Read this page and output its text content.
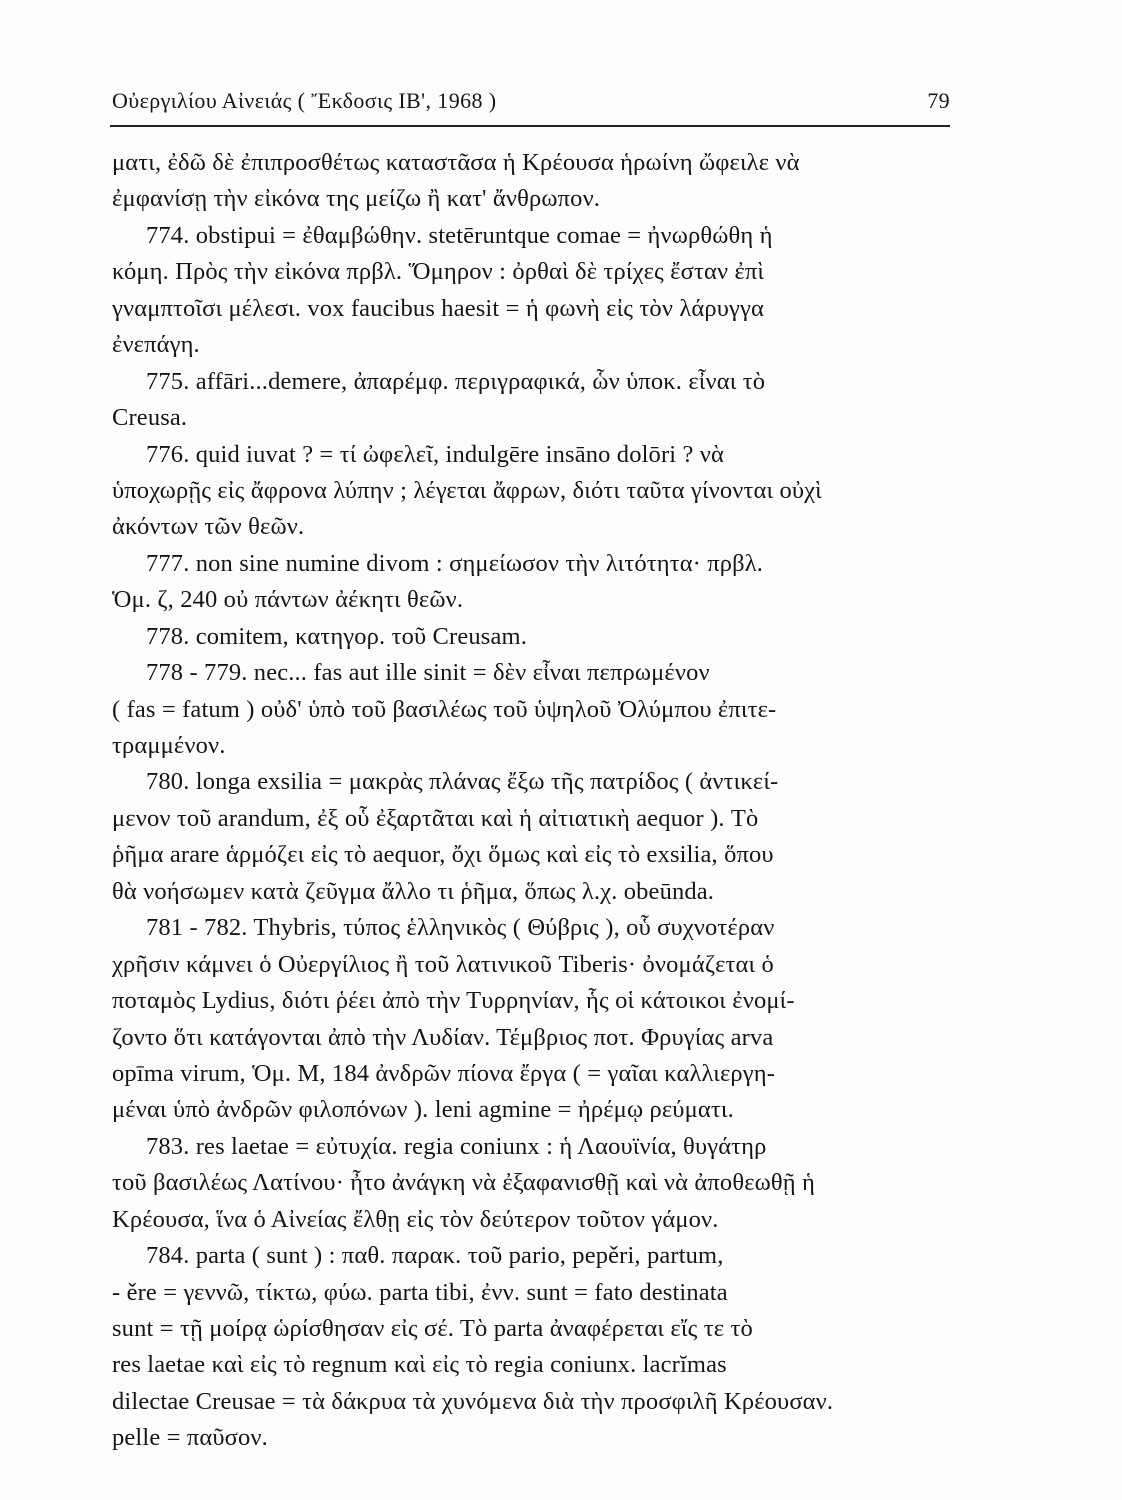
Οὐεργιλίου Αἰνειάς ( Ἔκδοσις ΙΒ', 1968 )	79
ματι, ἐδῶ δὲ ἐπιπροσθέτως καταστᾶσα ἡ Κρέουσα ἡρωίνη ὤφειλε νὰ
ἐμφανίσῃ τὴν εἰκόνα της μείζω ἢ κατ' ἄνθρωπον.
774. obstipui = ἐθαμβώθην. stetēruntque comae = ἠνωρθώθη ἡ
κόμη. Πρὸς τὴν εἰκόνα πρβλ. Ὅμηρον : ὀρθαὶ δὲ τρίχες ἔσταν ἐπὶ
γναμπτοῖσι μέλεσι. vox faucibus haesit = ἡ φωνὴ εἰς τὸν λάρυγγα
ἐνεπάγη.
775. affāri...demere, ἀπαρέμφ. περιγραφικά, ὧν ὑποκ. εἶναι τὸ
Creusa.
776. quid iuvat ? = τί ὠφελεῖ, indulgēre insāno dolōri ? νὰ
ὑποχωρῇς εἰς ἄφρονα λύπην ; λέγεται ἄφρων, διότι ταῦτα γίνονται οὐχὶ
ἀκόντων τῶν θεῶν.
777. non sine numine divom : σημείωσον τὴν λιτότητα· πρβλ.
Ὁμ. ζ, 240 οὐ πάντων ἀέκητι θεῶν.
778. comitem, κατηγορ. τοῦ Creusam.
778 - 779. nec... fas aut ille sinit = δὲν εἶναι πεπρωμένον
( fas = fatum ) οὐδ' ὑπὸ τοῦ βασιλέως τοῦ ὑψηλοῦ Ὀλύμπου ἐπιτε-
τραμμένον.
780. longa exsilia = μακρὰς πλάνας ἔξω τῆς πατρίδος ( ἀντικεί-
μενον τοῦ arandum, ἐξ οὗ ἐξαρτᾶται καὶ ἡ αἰτιατικὴ aequor ). Τὸ
ῥῆμα arare ἁρμόζει εἰς τὸ aequor, ὄχι ὅμως καὶ εἰς τὸ exsilia, ὅπου
θὰ νοήσωμεν κατὰ ζεῦγμα ἄλλο τι ῥῆμα, ὅπως λ.χ. obeūnda.
781 - 782. Thybris, τύπος ἑλληνικὸς ( Θύβρις ), οὗ συχνοτέραν
χρῆσιν κάμνει ὁ Οὐεργίλιος ἢ τοῦ λατινικοῦ Tiberis· ὀνομάζεται ὁ
ποταμὸς Lydius, διότι ῥέει ἀπὸ τὴν Τυρρηνίαν, ἧς οἱ κάτοικοι ἐνομί-
ζοντο ὅτι κατάγονται ἀπὸ τὴν Λυδίαν. Τέμβριος ποτ. Φρυγίας arva
opīma virum, Ὁμ. Μ, 184 ἀνδρῶν πίονα ἔργα ( = γαῖαι καλλιεργη-
μέναι ὑπὸ ἀνδρῶν φιλοπόνων ). leni agmine = ἠρέμῳ ρεύματι.
783. res laetae = εὐτυχία. regia coniunx : ἡ Λαουϊνία, θυγάτηρ
τοῦ βασιλέως Λατίνου· ἦτο ἀνάγκη νὰ ἐξαφανισθῇ καὶ νὰ ἀποθεωθῇ ἡ
Κρέουσα, ἵνα ὁ Αἰνείας ἔλθῃ εἰς τὸν δεύτερον τοῦτον γάμον.
784. parta ( sunt ) : παθ. παρακ. τοῦ pario, pepěri, partum,
- ěre = γεννῶ, τίκτω, φύω. parta tibi, ἐνν. sunt = fato destinata
sunt = τῇ μοίρᾳ ὡρίσθησαν εἰς σέ. Τὸ parta ἀναφέρεται εἴς τε τὸ
res laetae καὶ εἰς τὸ regnum καὶ εἰς τὸ regia coniunx. lacrĭmas
dilectae Creusae = τὰ δάκρυα τὰ χυνόμενα διὰ τὴν προσφιλῆ Κρέουσαν.
pelle = παῦσον.
